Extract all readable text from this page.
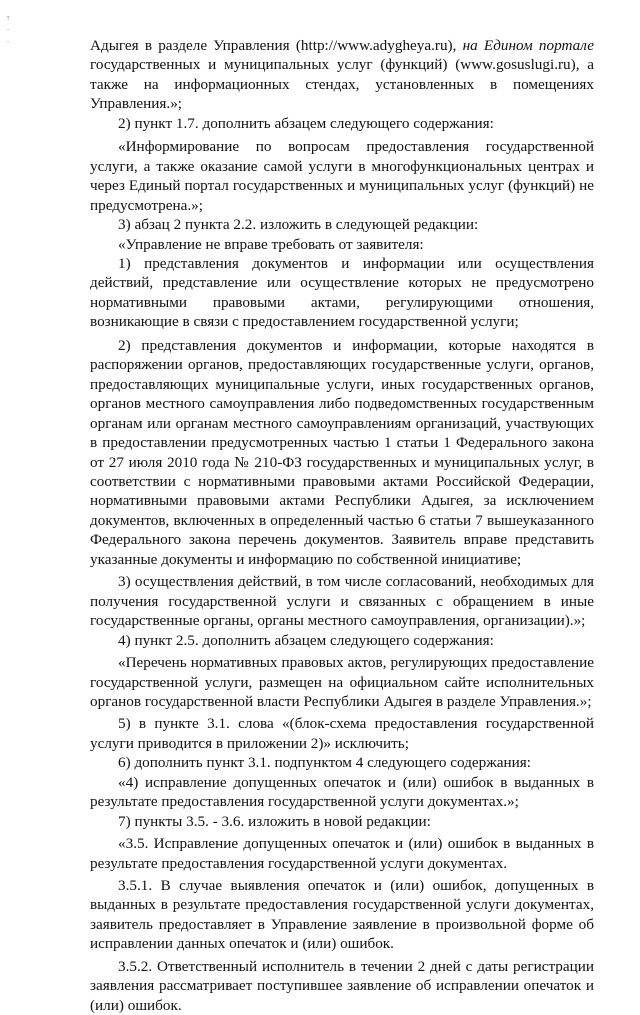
т
-
-	Адыгея в разделе Управления (http://www.adygheya.ru), на Едином портале государственных и муниципальных услуг (функций) (www.gosuslugi.ru), а также на информационных стендах, установленных в помещениях Управления.»;

2) пункт 1.7. дополнить абзацем следующего содержания:

«Информирование по вопросам предоставления государственной услуги, а также оказание самой услуги в многофункциональных центрах и через Единый портал государственных и муниципальных услуг (функций) не предусмотрена.»;

3) абзац 2 пункта 2.2. изложить в следующей редакции:

«Управление не вправе требовать от заявителя:

1) представления документов и информации или осуществления действий, представление или осуществление которых не предусмотрено нормативными правовыми актами, регулирующими отношения, возникающие в связи с предоставлением государственной услуги;

2) представления документов и информации, которые находятся в распоряжении органов, предоставляющих государственные услуги, органов, предоставляющих муниципальные услуги, иных государственных органов, органов местного самоуправления либо подведомственных государственным органам или органам местного самоуправлениям организаций, участвующих в предоставлении предусмотренных частью 1 статьи 1 Федерального закона от 27 июля 2010 года № 210-ФЗ государственных и муниципальных услуг, в соответствии с нормативными правовыми актами Российской Федерации, нормативными правовыми актами Республики Адыгея, за исключением документов, включенных в определенный частью 6 статьи 7 вышеуказанного Федерального закона перечень документов. Заявитель вправе представить указанные документы и информацию по собственной инициативе;

3) осуществления действий, в том числе согласований, необходимых для получения государственной услуги и связанных с обращением в иные государственные органы, органы местного самоуправления, организации).»;

4) пункт 2.5. дополнить абзацем следующего содержания:

«Перечень нормативных правовых актов, регулирующих предоставление государственной услуги, размещен на официальном сайте исполнительных органов государственной власти Республики Адыгея в разделе Управления.»;

5) в пункте 3.1. слова «(блок-схема предоставления государственной услуги приводится в приложении 2)» исключить;

6) дополнить пункт 3.1. подпунктом 4 следующего содержания:

«4) исправление допущенных опечаток и (или) ошибок в выданных в результате предоставления государственной услуги документах.»;

7) пункты 3.5. - 3.6. изложить в новой редакции:

«3.5. Исправление допущенных опечаток и (или) ошибок в выданных в результате предоставления государственной услуги документах.

3.5.1. В случае выявления опечаток и (или) ошибок, допущенных в выданных в результате предоставления государственной услуги документах, заявитель предоставляет в Управление заявление в произвольной форме об исправлении данных опечаток и (или) ошибок.

3.5.2. Ответственный исполнитель в течении 2 дней с даты регистрации заявления рассматривает поступившее заявление об исправлении опечаток и (или) ошибок.
